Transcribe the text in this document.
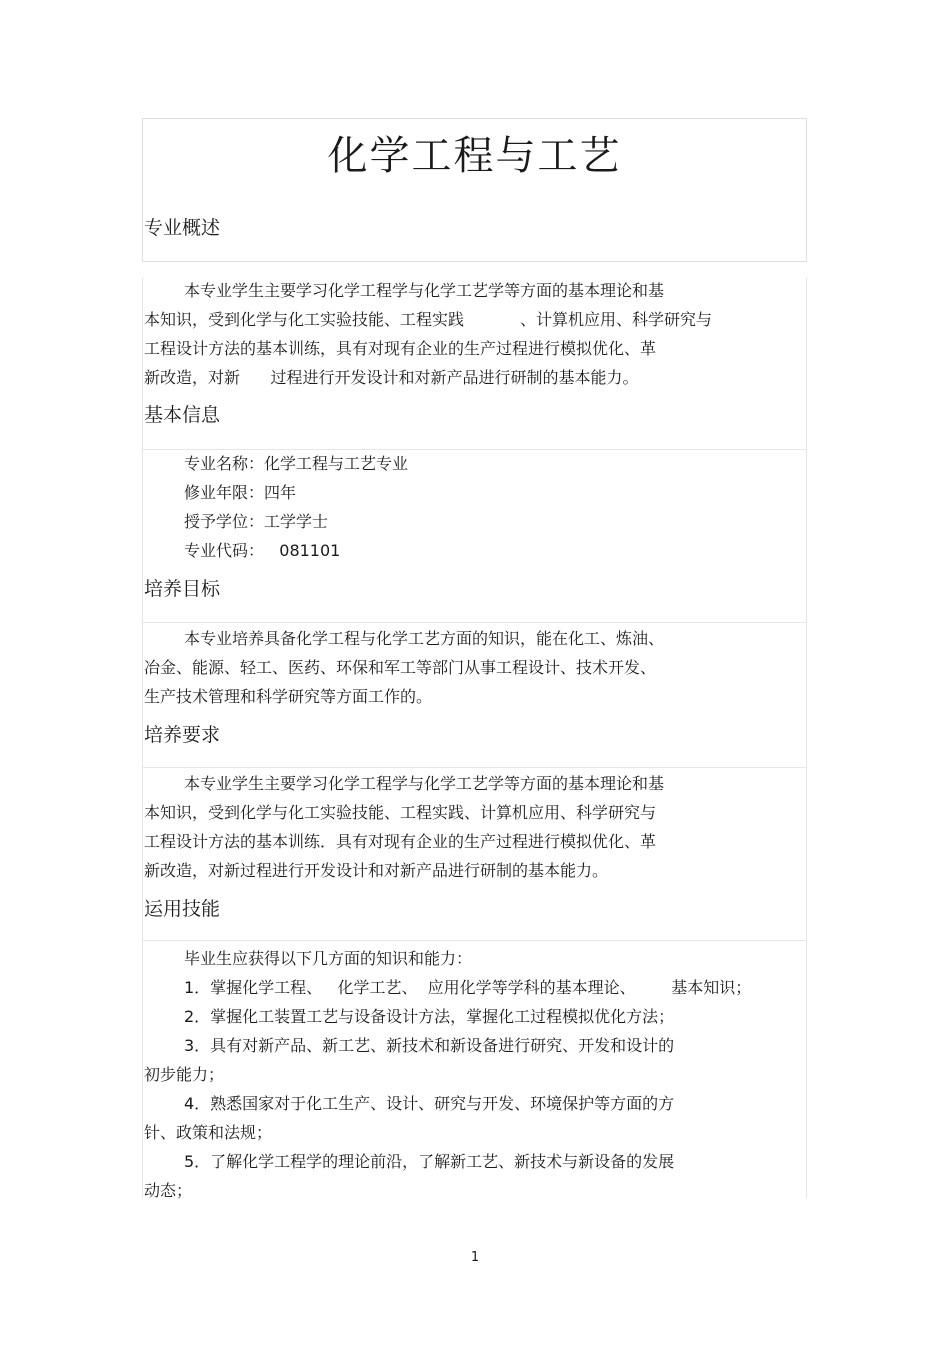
化学工程与工艺
专业概述
本专业学生主要学习化学工程学与化学工艺学等方面的基本理论和基
本知识，受到化学与化工实验技能、工程实践           、计算机应用、科学研究与
工程设计方法的基本训练，具有对现有企业的生产过程进行模拟优化、革
新改造，对新      过程进行开发设计和对新产品进行研制的基本能力。
基本信息
专业名称：化学工程与工艺专业
修业年限：四年
授予学位：工学学士
专业代码：   081101
培养目标
本专业培养具备化学工程与化学工艺方面的知识，能在化工、炼油、
冶金、能源、轻工、医药、环保和军工等部门从事工程设计、技术开发、
生产技术管理和科学研究等方面工作的。
培养要求
本专业学生主要学习化学工程学与化学工艺学等方面的基本理论和基
本知识，受到化学与化工实验技能、工程实践、计算机应用、科学研究与
工程设计方法的基本训练．具有对现有企业的生产过程进行模拟优化、革
新改造，对新过程进行开发设计和对新产品进行研制的基本能力。
运用技能
毕业生应获得以下几方面的知识和能力：
1．掌握化学工程、   化学工艺、  应用化学等学科的基本理论、       基本知识；
2．掌握化工装置工艺与设备设计方法，掌握化工过程模拟优化方法；
3．具有对新产品、新工艺、新技术和新设备进行研究、开发和设计的
初步能力；
4．熟悉国家对于化工生产、设计、研究与开发、环境保护等方面的方
针、政策和法规；
5．了解化学工程学的理论前沿，了解新工艺、新技术与新设备的发展
动态；
1
